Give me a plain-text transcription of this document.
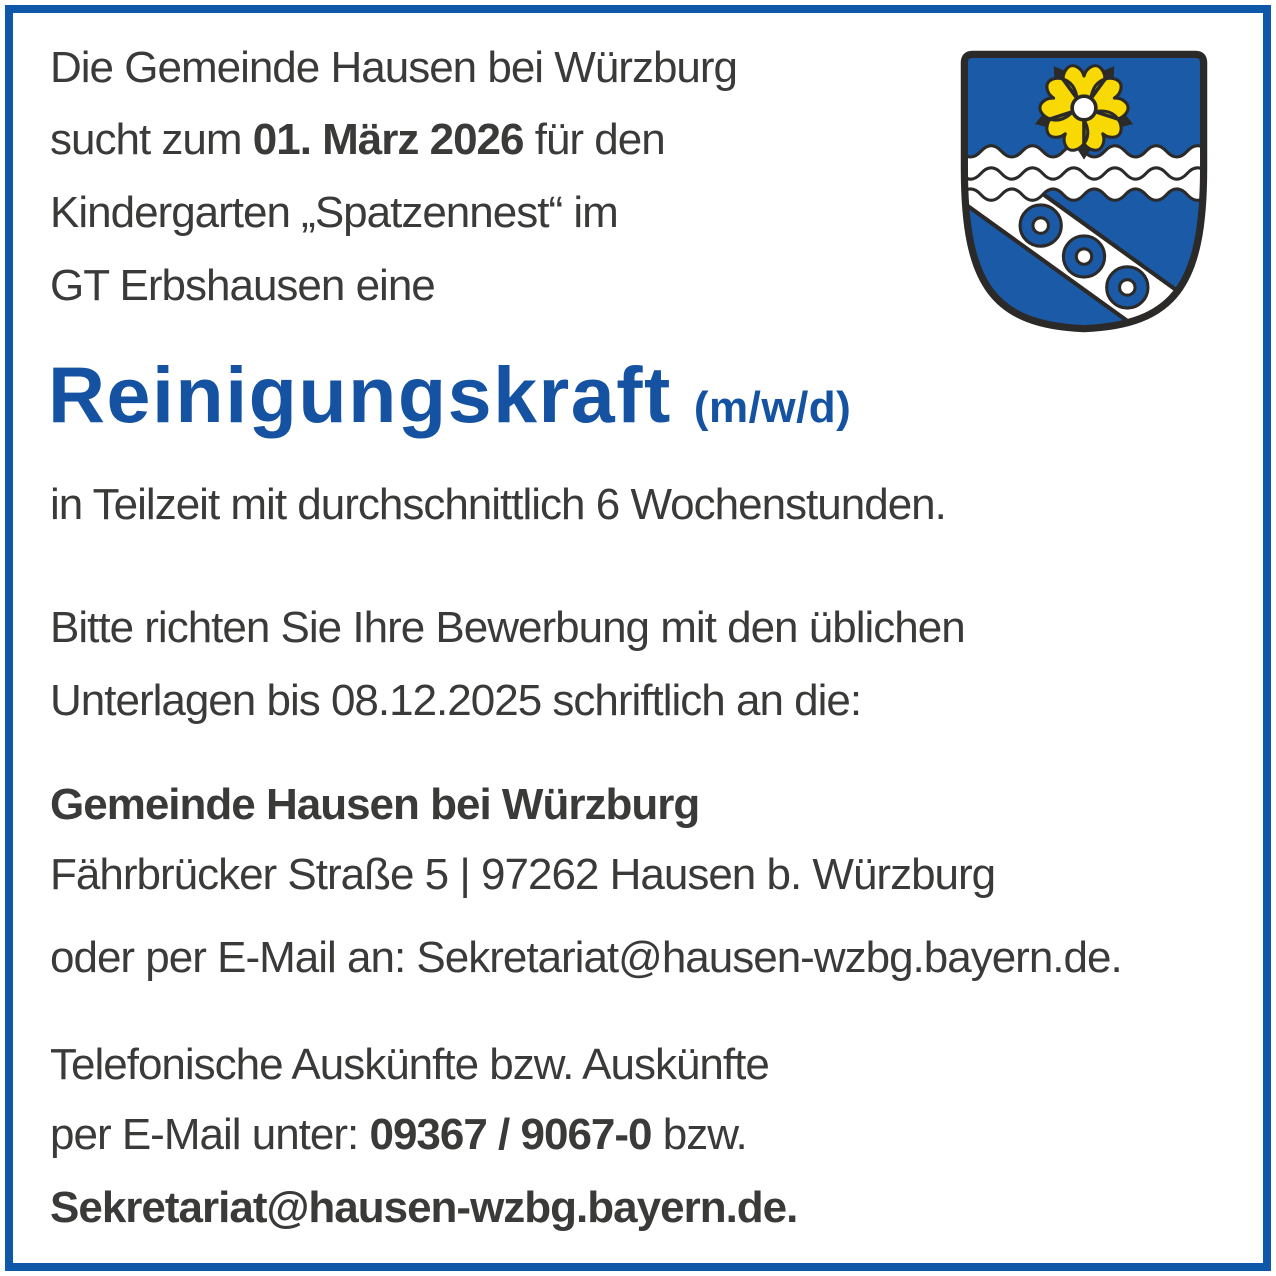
Die Gemeinde Hausen bei Würzburg
sucht zum 01. März 2026 für den
Kindergarten „Spatzennest“ im
GT Erbshausen eine
Reinigungskraft (m/w/d)
in Teilzeit mit durchschnittlich 6 Wochenstunden.
Bitte richten Sie Ihre Bewerbung mit den üblichen
Unterlagen bis 08.12.2025 schriftlich an die:
Gemeinde Hausen bei Würzburg
Fährbrücker Straße 5 | 97262 Hausen b. Würzburg
oder per E-Mail an: Sekretariat@hausen-wzbg.bayern.de.
Telefonische Auskünfte bzw. Auskünfte
per E-Mail unter: 09367 / 9067-0 bzw.
Sekretariat@hausen-wzbg.bayern.de.
